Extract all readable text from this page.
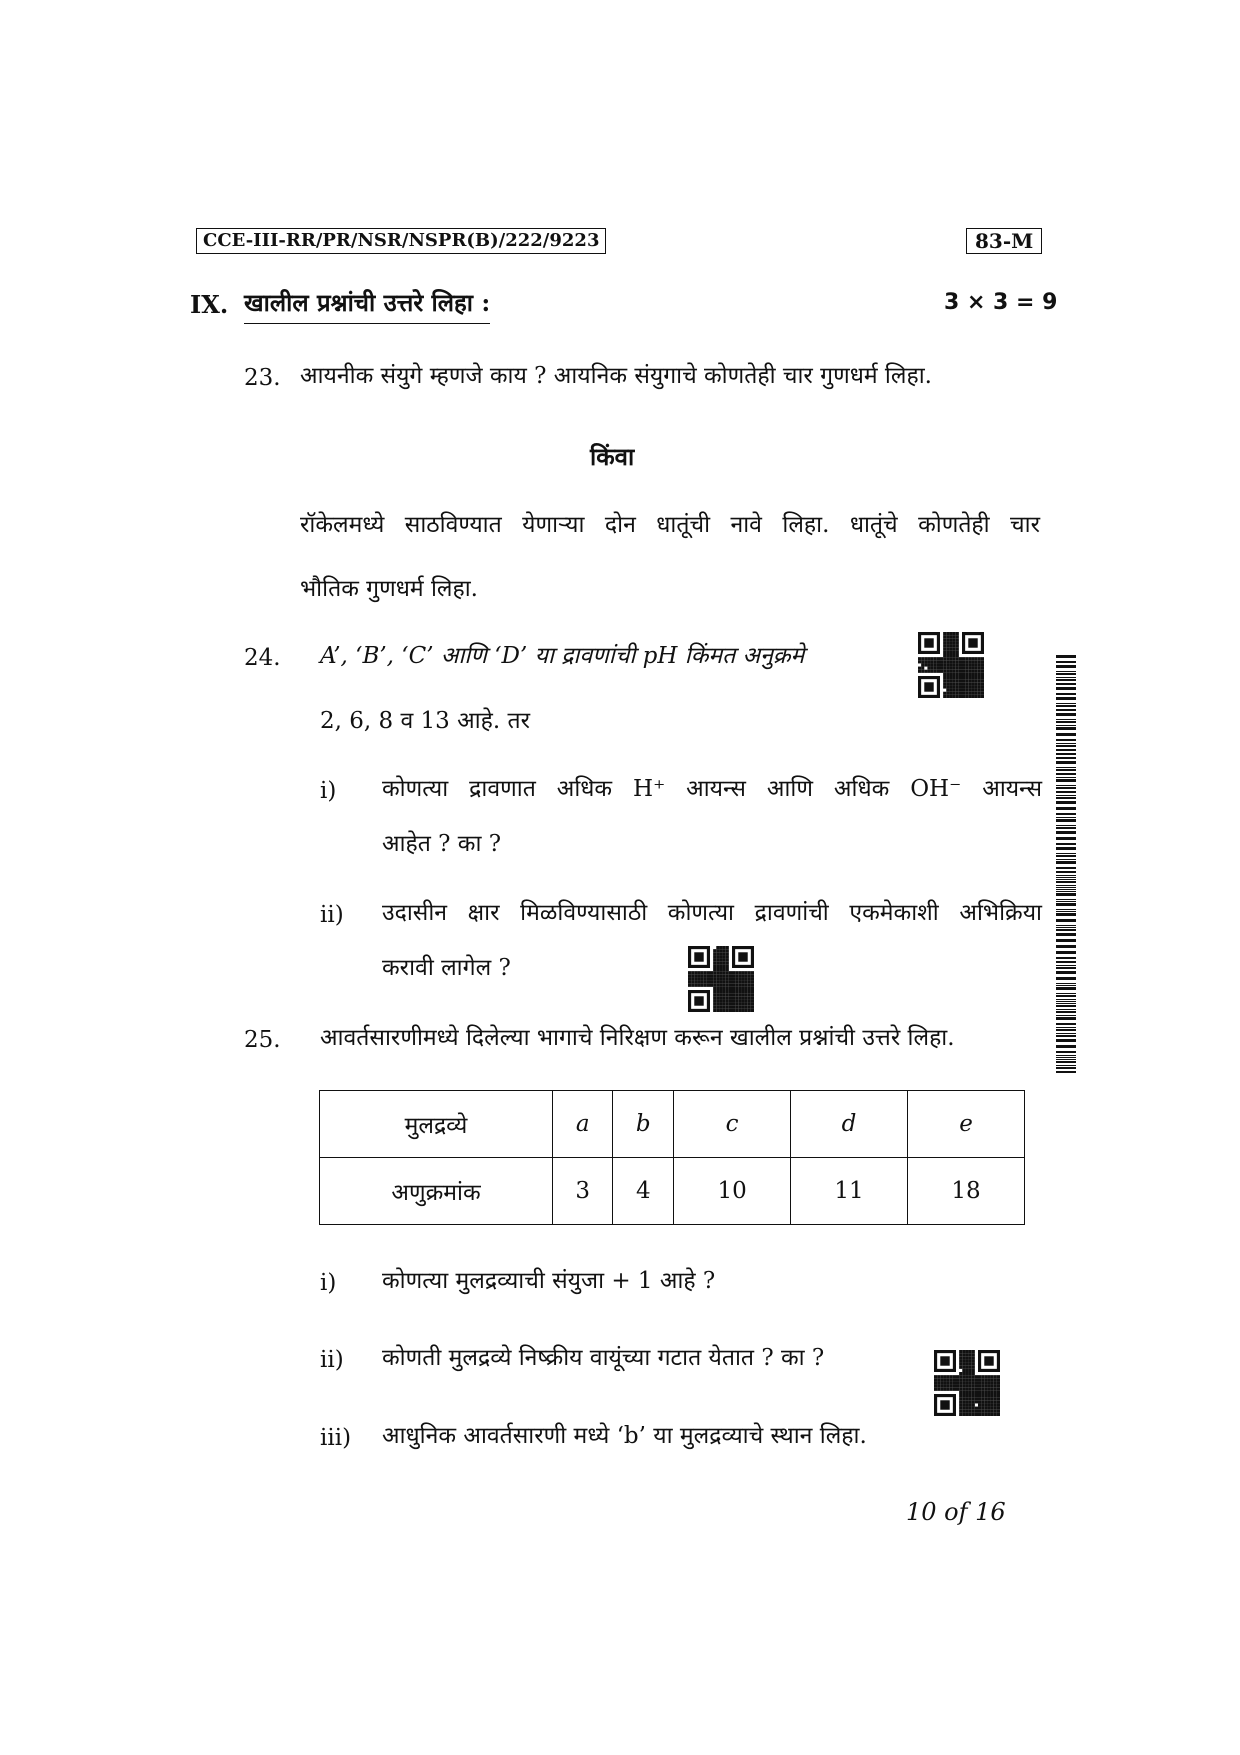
CCE-III-RR/PR/NSR/NSPR(B)/222/9223	83-M
IX. खालील प्रश्नांची उत्तरे लिहा :	3 × 3 = 9
23. आयनीक संयुगे म्हणजे काय ? आयनिक संयुगाचे कोणतेही चार गुणधर्म लिहा.
किंवा
रॉकेलमध्ये साठविण्यात येणाऱ्या दोन धातूंची नावे लिहा. धातूंचे कोणतेही चार
भौतिक गुणधर्म लिहा.
24. A’, ‘B’, ‘C’ आणि ‘D’ या द्रावणांची pH किंमत अनुक्रमे
2, 6, 8 व 13 आहे. तर
i) कोणत्या द्रावणात अधिक H⁺ आयन्स आणि अधिक OH⁻ आयन्स
आहेत ? का ?
ii) उदासीन क्षार मिळविण्यासाठी कोणत्या द्रावणांची एकमेकाशी अभिक्रिया
करावी लागेल ?
25. आवर्तसारणीमध्ये दिलेल्या भागाचे निरिक्षण करून खालील प्रश्नांची उत्तरे लिहा.
मुलद्रव्ये	a	b	c	d	e
अणुक्रमांक	3	4	10	11	18
i) कोणत्या मुलद्रव्याची संयुजा + 1 आहे ?
ii) कोणती मुलद्रव्ये निष्क्रीय वायूंच्या गटात येतात ? का ?
iii) आधुनिक आवर्तसारणी मध्ये ‘b’ या मुलद्रव्याचे स्थान लिहा.
10 of 16
